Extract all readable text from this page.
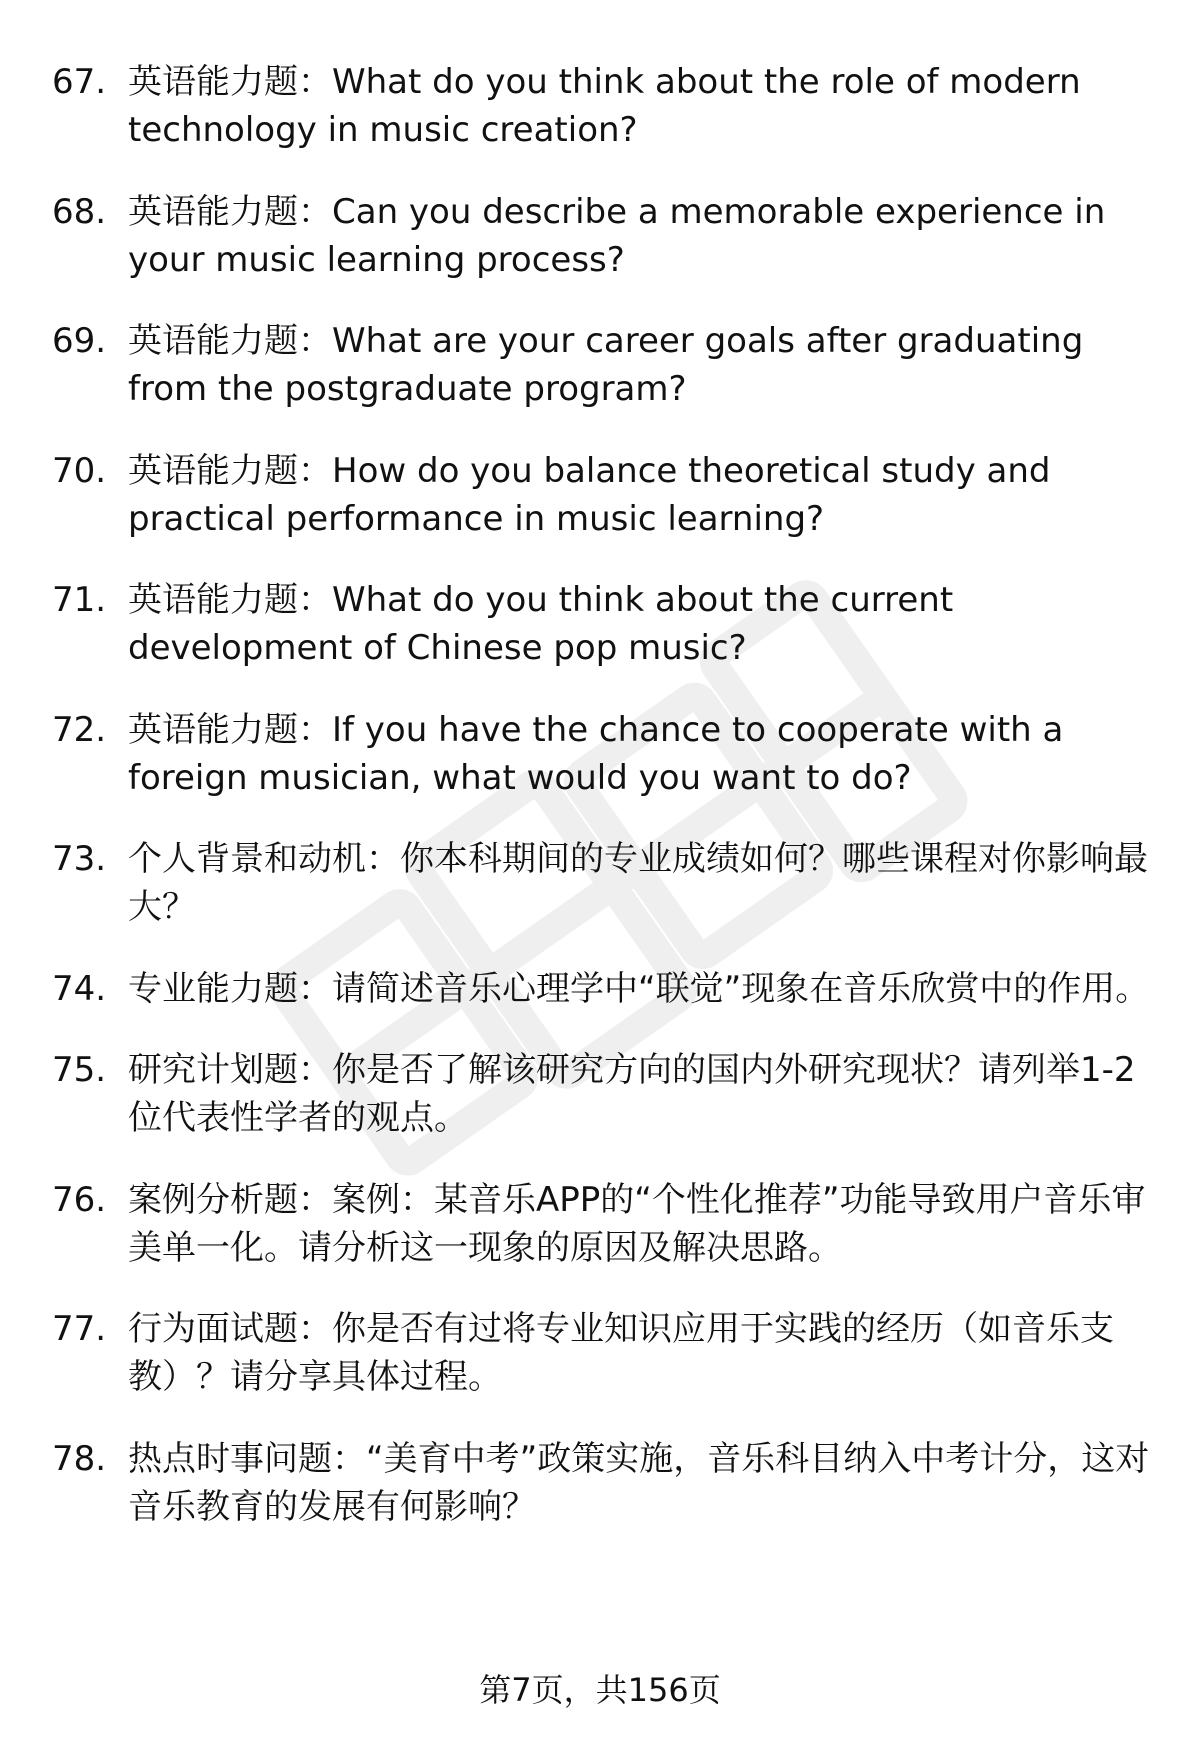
67. 英语能力题：What do you think about the role of modern technology in music creation?
68. 英语能力题：Can you describe a memorable experience in your music learning process?
69. 英语能力题：What are your career goals after graduating from the postgraduate program?
70. 英语能力题：How do you balance theoretical study and practical performance in music learning?
71. 英语能力题：What do you think about the current development of Chinese pop music?
72. 英语能力题：If you have the chance to cooperate with a foreign musician, what would you want to do?
73. 个人背景和动机：你本科期间的专业成绩如何？哪些课程对你影响最大？
74. 专业能力题：请简述音乐心理学中“联觉”现象在音乐欣赏中的作用。
75. 研究计划题：你是否了解该研究方向的国内外研究现状？请列举1-2位代表性学者的观点。
76. 案例分析题：案例：某音乐APP的“个性化推荐”功能导致用户音乐审美单一化。请分析这一现象的原因及解决思路。
77. 行为面试题：你是否有过将专业知识应用于实践的经历（如音乐支教）？请分享具体过程。
78. 热点时事问题：“美育中考”政策实施，音乐科目纳入中考计分，这对音乐教育的发展有何影响？
第7页，共156页
